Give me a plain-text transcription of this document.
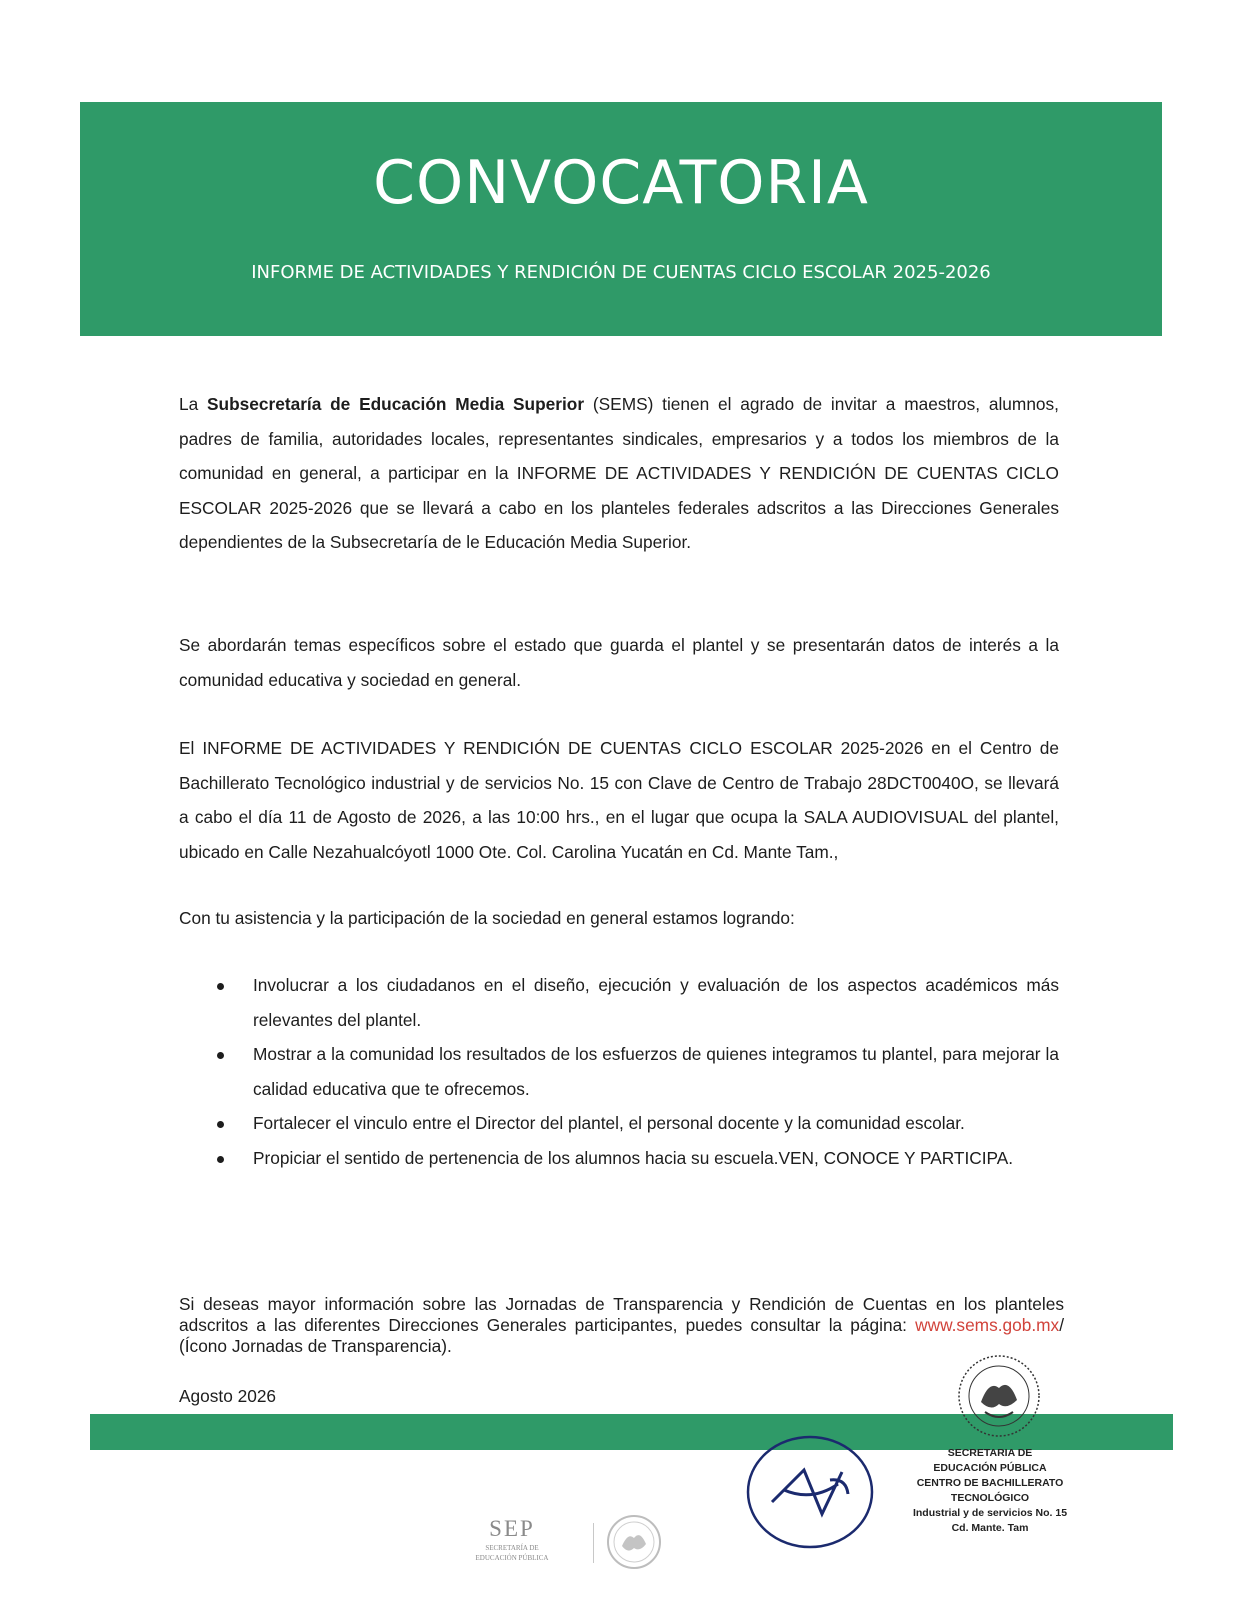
CONVOCATORIA
INFORME DE ACTIVIDADES Y RENDICIÓN DE CUENTAS CICLO ESCOLAR 2025-2026

La Subsecretaría de Educación Media Superior (SEMS) tienen el agrado de invitar a maestros, alumnos, padres de familia, autoridades locales, representantes sindicales, empresarios y a todos los miembros de la comunidad en general, a participar en la INFORME DE ACTIVIDADES Y RENDICIÓN DE CUENTAS CICLO ESCOLAR 2025-2026 que se llevará a cabo en los planteles federales adscritos a las Direcciones Generales dependientes de la Subsecretaría de le Educación Media Superior.

Se abordarán temas específicos sobre el estado que guarda el plantel y se presentarán datos de interés a la comunidad educativa y sociedad en general.

El INFORME DE ACTIVIDADES Y RENDICIÓN DE CUENTAS CICLO ESCOLAR 2025-2026 en el Centro de Bachillerato Tecnológico industrial y de servicios No. 15 con Clave de Centro de Trabajo 28DCT0040O, se llevará a cabo el día 11 de Agosto de 2026, a las 10:00 hrs., en el lugar que ocupa la SALA AUDIOVISUAL del plantel, ubicado en Calle Nezahualcóyotl 1000 Ote. Col. Carolina Yucatán en Cd. Mante Tam.,

Con tu asistencia y la participación de la sociedad en general estamos logrando:

Involucrar a los ciudadanos en el diseño, ejecución y evaluación de los aspectos académicos más relevantes del plantel.
Mostrar a la comunidad los resultados de los esfuerzos de quienes integramos tu plantel, para mejorar la calidad educativa que te ofrecemos.
Fortalecer el vinculo entre el Director del plantel, el personal docente y la comunidad escolar.
Propiciar el sentido de pertenencia de los alumnos hacia su escuela.VEN, CONOCE Y PARTICIPA.
Si deseas mayor información sobre las Jornadas de Transparencia y Rendición de Cuentas en los planteles adscritos a las diferentes Direcciones Generales participantes, puedes consultar la página: www.sems.gob.mx/ (Ícono Jornadas de Transparencia).
Agosto 2026
SECRETARIA DE
EDUCACIÓN PÚBLICA
CENTRO DE BACHILLERATO
TECNOLÓGICO
Industrial y de servicios No. 15
Cd. Mante. Tam
SEP
SECRETARÍA DE
EDUCACIÓN PÚBLICA
